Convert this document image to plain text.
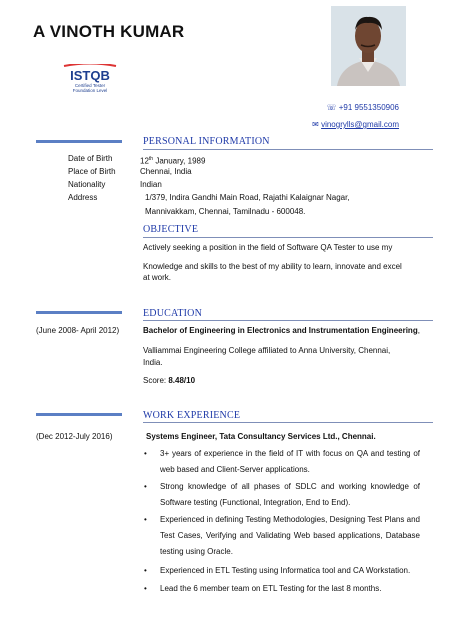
A VINOTH KUMAR
ISTQB
Certified Tester
Foundation Level
☏ +91 9551350906
✉ vinogrylls@gmail.com
PERSONAL INFORMATION
Date of Birth	12th January, 1989
Place of Birth	Chennai, India
Nationality	Indian
Address	1/379, Indira Gandhi Main Road, Rajathi Kalaignar Nagar,
Mannivakkam, Chennai, Tamilnadu - 600048.
OBJECTIVE
Actively seeking a position in the field of Software QA Tester to use my
Knowledge and skills to the best of my ability to learn, innovate and excel
at work.
EDUCATION
(June 2008- April 2012)	Bachelor of Engineering in Electronics and Instrumentation Engineering,
Valliammai Engineering College affiliated to Anna University, Chennai,
India.
Score: 8.48/10
WORK EXPERIENCE
(Dec 2012-July 2016)	Systems Engineer, Tata Consultancy Services Ltd., Chennai.
• 3+ years of experience in the field of IT with focus on QA and testing of web based and Client-Server applications.
• Strong knowledge of all phases of SDLC and working knowledge of Software testing (Functional, Integration, End to End).
• Experienced in defining Testing Methodologies, Designing Test Plans and Test Cases, Verifying and Validating Web based applications, Database testing using Oracle.
• Experienced in ETL Testing using Informatica tool and CA Workstation.
• Lead the 6 member team on ETL Testing for the last 8 months.
